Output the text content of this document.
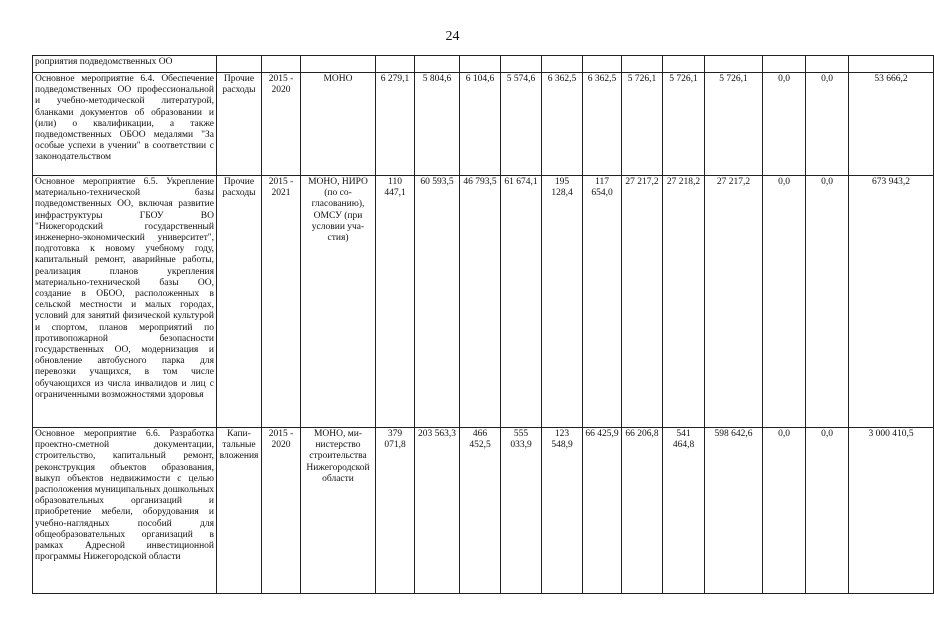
24
роприятия подведомственных ОО															
Основное мероприятие 6.4. Обеспечение подведомственных ОО профессиональной и учебно-методической литературой, бланками документов об образовании и (или) о квалификации, а также подведомственных ОБОО медалями "За особые успехи в учении" в соответствии с законодательством	Прочие расходы	2015 - 2020	МОНО	6 279,1	5 804,6	6 104,6	5 574,6	6 362,5	6 362,5	5 726,1	5 726,1	5 726,1	0,0	0,0	53 666,2
Основное мероприятие 6.5. Укрепление материально-технической базы подведомственных ОО, включая развитие инфраструктуры ГБОУ ВО "Нижегородский государственный инженерно-экономический университет", подготовка к новому учебному году, капитальный ремонт, аварийные работы, реализация планов укрепления материально-технической базы ОО, создание в ОБОО, расположенных в сельской местности и малых городах, условий для занятий физической культурой и спортом, планов мероприятий по противопожарной безопасности государственных ОО, модернизация и обновление автобусного парка для перевозки учащихся, в том числе обучающихся из числа инвалидов и лиц с ограниченными возможностями здоровья	Прочие расходы	2015 - 2021	МОНО, НИРО (по согласованию), ОМСУ (при условии участия)	110 447,1	60 593,5	46 793,5	61 674,1	195 128,4	117 654,0	27 217,2	27 218,2	27 217,2	0,0	0,0	673 943,2
Основное мероприятие 6.6. Разработка проектно-сметной документации, строительство, капитальный ремонт, реконструкция объектов образования, выкуп объектов недвижимости с целью расположения муниципальных дошкольных образовательных организаций и приобретение мебели, оборудования и учебно-наглядных пособий для общеобразовательных организаций в рамках Адресной инвестиционной программы Нижегородской области	Капитальные вложения	2015 - 2020	МОНО, министерство строительства Нижегородской области	379 071,8	203 563,3	466 452,5	555 033,9	123 548,9	66 425,9	66 206,8	541 464,8	598 642,6	0,0	0,0	3 000 410,5
